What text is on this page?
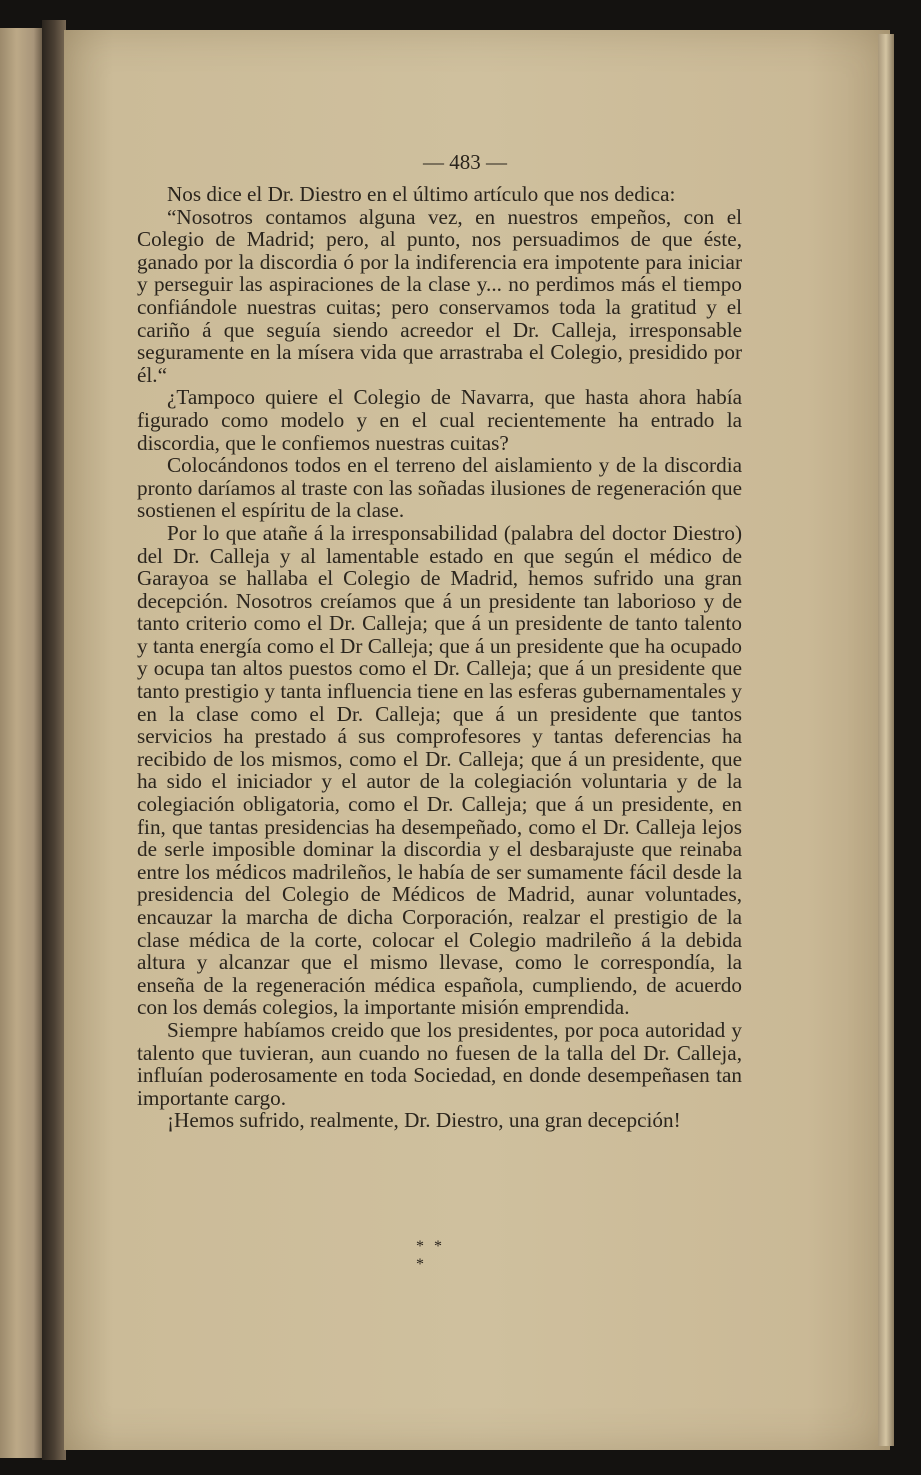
— 483 —

Nos dice el Dr. Diestro en el último artículo que nos dedica:

“Nosotros contamos alguna vez, en nuestros empeños, con el Colegio de Madrid; pero, al punto, nos persuadimos de que éste, ganado por la discordia ó por la indiferencia era impotente para iniciar y perseguir las aspiraciones de la clase y... no perdimos más el tiempo confiándole nuestras cuitas; pero conservamos toda la gratitud y el cariño á que seguía siendo acreedor el Dr. Calleja, irresponsable seguramente en la mísera vida que arrastraba el Colegio, presidido por él.“

¿Tampoco quiere el Colegio de Navarra, que hasta ahora había figurado como modelo y en el cual recientemente ha entrado la discordia, que le confiemos nuestras cuitas?

Colocándonos todos en el terreno del aislamiento y de la discordia pronto daríamos al traste con las soñadas ilusiones de regeneración que sostienen el espíritu de la clase.

Por lo que atañe á la irresponsabilidad (palabra del doctor Diestro) del Dr. Calleja y al lamentable estado en que según el médico de Garayoa se hallaba el Colegio de Madrid, hemos sufrido una gran decepción. Nosotros creíamos que á un presidente tan laborioso y de tanto criterio como el Dr. Calleja; que á un presidente de tanto talento y tanta energía como el Dr Calleja; que á un presidente que ha ocupado y ocupa tan altos puestos como el Dr. Calleja; que á un presidente que tanto prestigio y tanta influencia tiene en las esferas gubernamentales y en la clase como el Dr. Calleja; que á un presidente que tantos servicios ha prestado á sus comprofesores y tantas deferencias ha recibido de los mismos, como el Dr. Calleja; que á un presidente, que ha sido el iniciador y el autor de la colegiación voluntaria y de la colegiación obligatoria, como el Dr. Calleja; que á un presidente, en fin, que tantas presidencias ha desempeñado, como el Dr. Calleja lejos de serle imposible dominar la discordia y el desbarajuste que reinaba entre los médicos madrileños, le había de ser sumamente fácil desde la presidencia del Colegio de Médicos de Madrid, aunar voluntades, encauzar la marcha de dicha Corporación, realzar el prestigio de la clase médica de la corte, colocar el Colegio madrileño á la debida altura y alcanzar que el mismo llevase, como le correspondía, la enseña de la regeneración médica española, cumpliendo, de acuerdo con los demás colegios, la importante misión emprendida.

Siempre habíamos creido que los presidentes, por poca autoridad y talento que tuvieran, aun cuando no fuesen de la talla del Dr. Calleja, influían poderosamente en toda Sociedad, en donde desempeñasen tan importante cargo.

¡Hemos sufrido, realmente, Dr. Diestro, una gran decepción!

* * *
